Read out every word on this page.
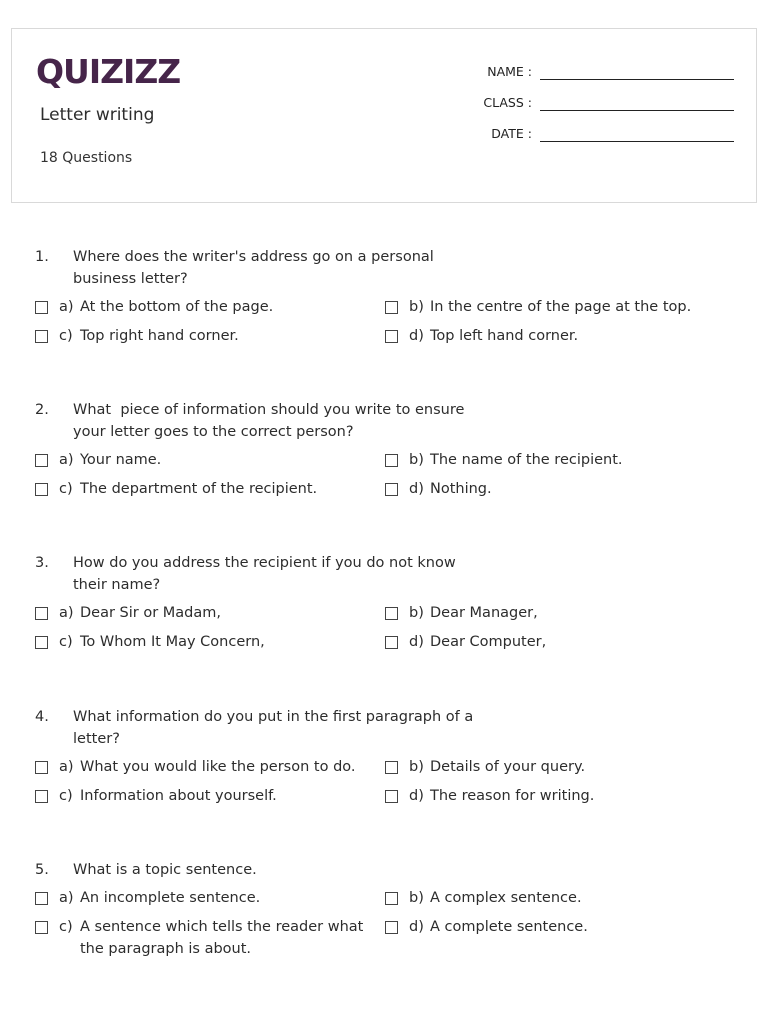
QUIZIZZ
Letter writing
18 Questions
NAME :
CLASS :
DATE :
1.	Where does the writer's address go on a personal business letter?
a) At the bottom of the page.	b) In the centre of the page at the top.
c) Top right hand corner.	d) Top left hand corner.
2.	What  piece of information should you write to ensure your letter goes to the correct person?
a) Your name.	b) The name of the recipient.
c) The department of the recipient.	d) Nothing.
3.	How do you address the recipient if you do not know their name?
a) Dear Sir or Madam,	b) Dear Manager,
c) To Whom It May Concern,	d) Dear Computer,
4.	What information do you put in the first paragraph of a letter?
a) What you would like the person to do.	b) Details of your query.
c) Information about yourself.	d) The reason for writing.
5.	What is a topic sentence.
a) An incomplete sentence.	b) A complex sentence.
c) A sentence which tells the reader what the paragraph is about.
d) A complete sentence.
